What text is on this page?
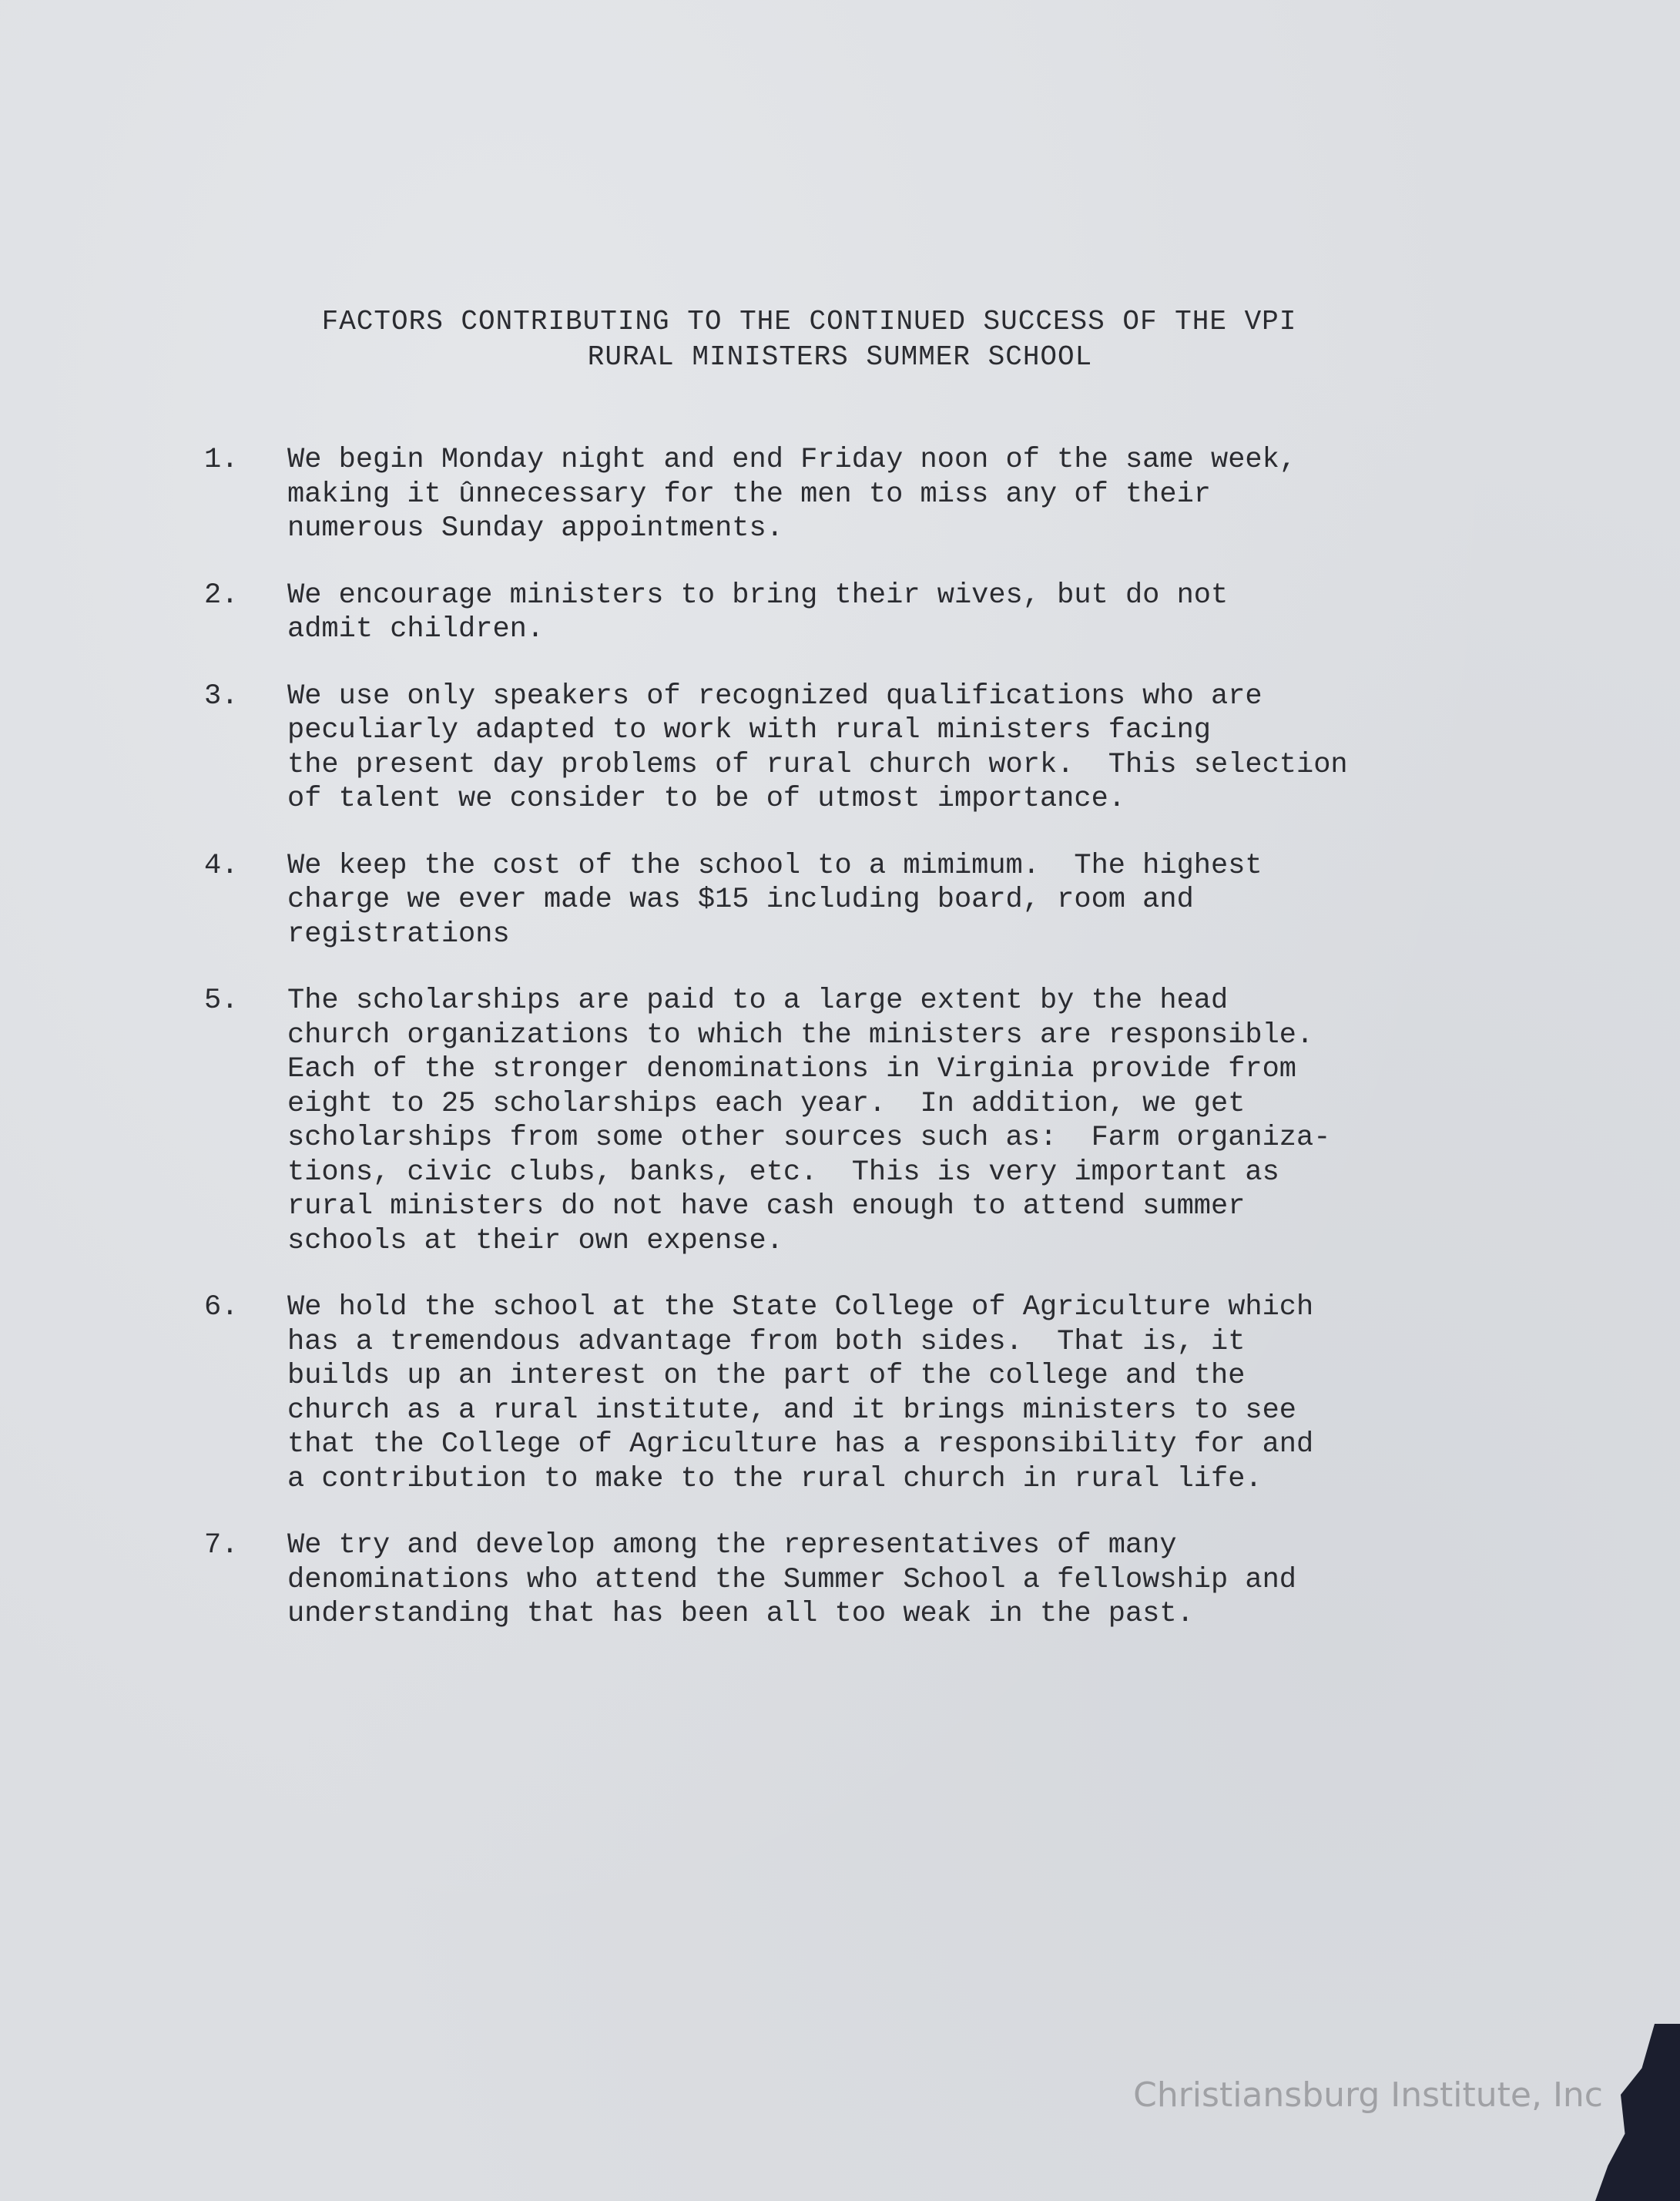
FACTORS CONTRIBUTING TO THE CONTINUED SUCCESS OF THE VPI
RURAL MINISTERS SUMMER SCHOOL
1. We begin Monday night and end Friday noon of the same week,
making it ûnnecessary for the men to miss any of their
numerous Sunday appointments.
2. We encourage ministers to bring their wives, but do not
admit children.
3. We use only speakers of recognized qualifications who are
peculiarly adapted to work with rural ministers facing
the present day problems of rural church work.  This selection
of talent we consider to be of utmost importance.
4. We keep the cost of the school to a mimimum.  The highest
charge we ever made was $15 including board, room and
registrations
5. The scholarships are paid to a large extent by the head
church organizations to which the ministers are responsible.
Each of the stronger denominations in Virginia provide from
eight to 25 scholarships each year.  In addition, we get
scholarships from some other sources such as:  Farm organiza-
tions, civic clubs, banks, etc.  This is very important as
rural ministers do not have cash enough to attend summer
schools at their own expense.
6. We hold the school at the State College of Agriculture which
has a tremendous advantage from both sides.  That is, it
builds up an interest on the part of the college and the
church as a rural institute, and it brings ministers to see
that the College of Agriculture has a responsibility for and
a contribution to make to the rural church in rural life.
7. We try and develop among the representatives of many
denominations who attend the Summer School a fellowship and
understanding that has been all too weak in the past.
Christiansburg Institute, Inc
